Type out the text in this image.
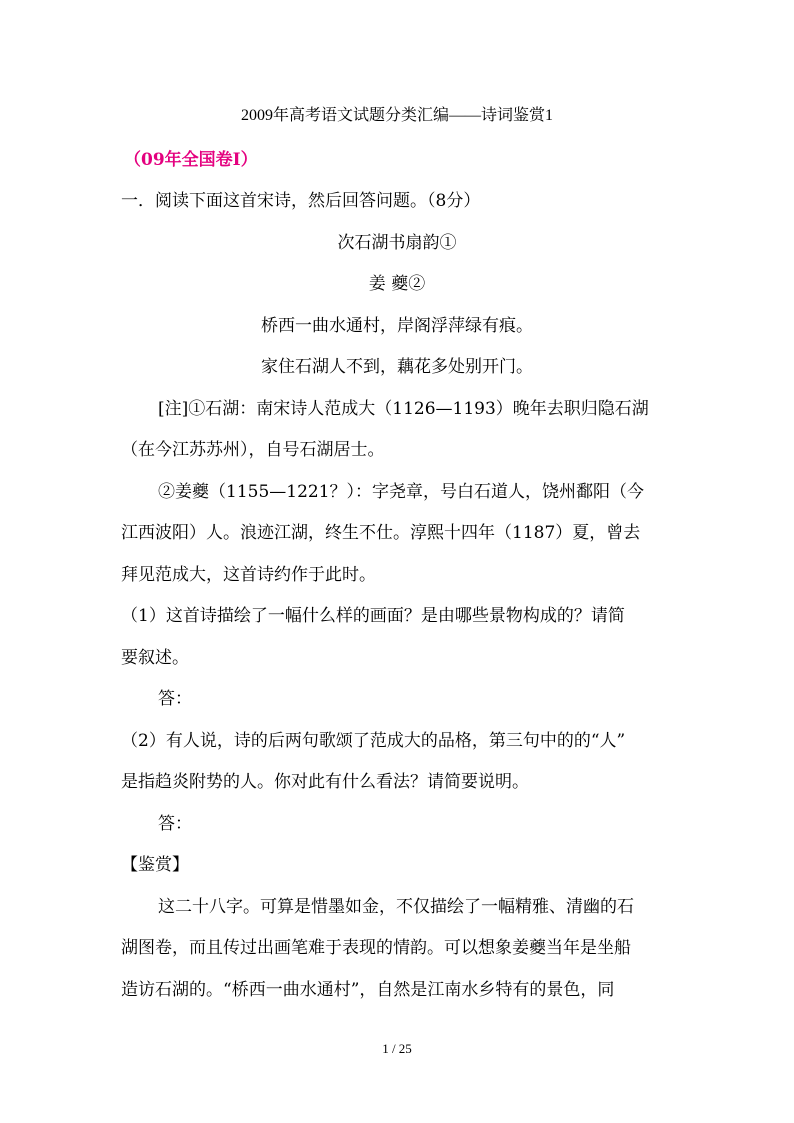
2009年高考语文试题分类汇编——诗词鉴赏1
（09年全国卷Ⅰ）
一．阅读下面这首宋诗，然后回答问题。（8分）
次石湖书扇韵①
姜 夔②
桥西一曲水通村，岸阁浮萍绿有痕。
家住石湖人不到，藕花多处别开门。
[注]①石湖：南宋诗人范成大（1126—1193）晚年去职归隐石湖
（在今江苏苏州），自号石湖居士。
②姜夔（1155—1221？）：字尧章，号白石道人，饶州鄱阳（今
江西波阳）人。浪迹江湖，终生不仕。淳熙十四年（1187）夏，曾去
拜见范成大，这首诗约作于此时。
（1）这首诗描绘了一幅什么样的画面？是由哪些景物构成的？请简
要叙述。
答：
（2）有人说，诗的后两句歌颂了范成大的品格，第三句中的的“人”
是指趋炎附势的人。你对此有什么看法？请简要说明。
答：
【鉴赏】
这二十八字。可算是惜墨如金，不仅描绘了一幅精雅、清幽的石
湖图卷，而且传过出画笔难于表现的情韵。可以想象姜夔当年是坐船
造访石湖的。“桥西一曲水通村”，自然是江南水乡特有的景色，同
1 / 25
